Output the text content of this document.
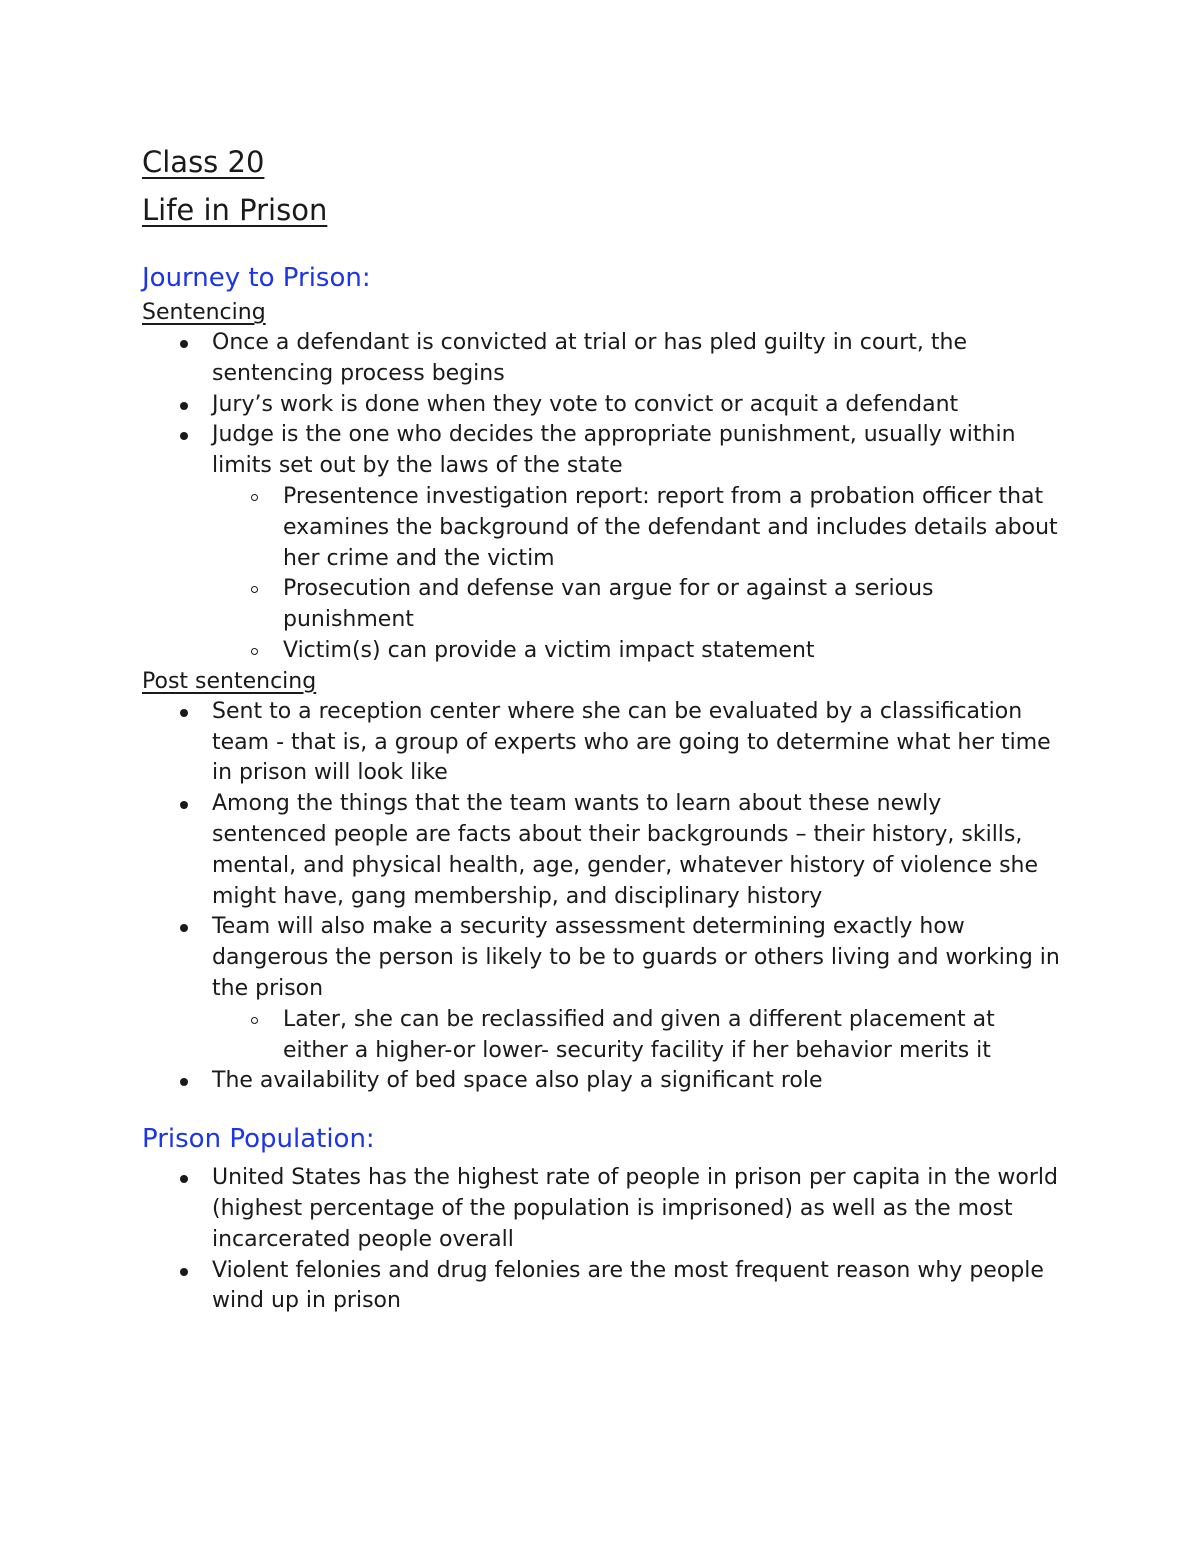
Class 20

Life in Prison

Journey to Prison:

Sentencing

Once a defendant is convicted at trial or has pled guilty in court, the sentencing process begins
Jury’s work is done when they vote to convict or acquit a defendant
Judge is the one who decides the appropriate punishment, usually within limits set out by the laws of the state
Presentence investigation report: report from a probation officer that examines the background of the defendant and includes details about her crime and the victim
Prosecution and defense van argue for or against a serious punishment
Victim(s) can provide a victim impact statement

Post sentencing

Sent to a reception center where she can be evaluated by a classification team - that is, a group of experts who are going to determine what her time in prison will look like
Among the things that the team wants to learn about these newly sentenced people are facts about their backgrounds – their history, skills, mental, and physical health, age, gender, whatever history of violence she might have, gang membership, and disciplinary history
Team will also make a security assessment determining exactly how dangerous the person is likely to be to guards or others living and working in the prison
Later, she can be reclassified and given a different placement at either a higher-or lower- security facility if her behavior merits it
The availability of bed space also play a significant role

Prison Population:

United States has the highest rate of people in prison per capita in the world (highest percentage of the population is imprisoned) as well as the most incarcerated people overall
Violent felonies and drug felonies are the most frequent reason why people wind up in prison
